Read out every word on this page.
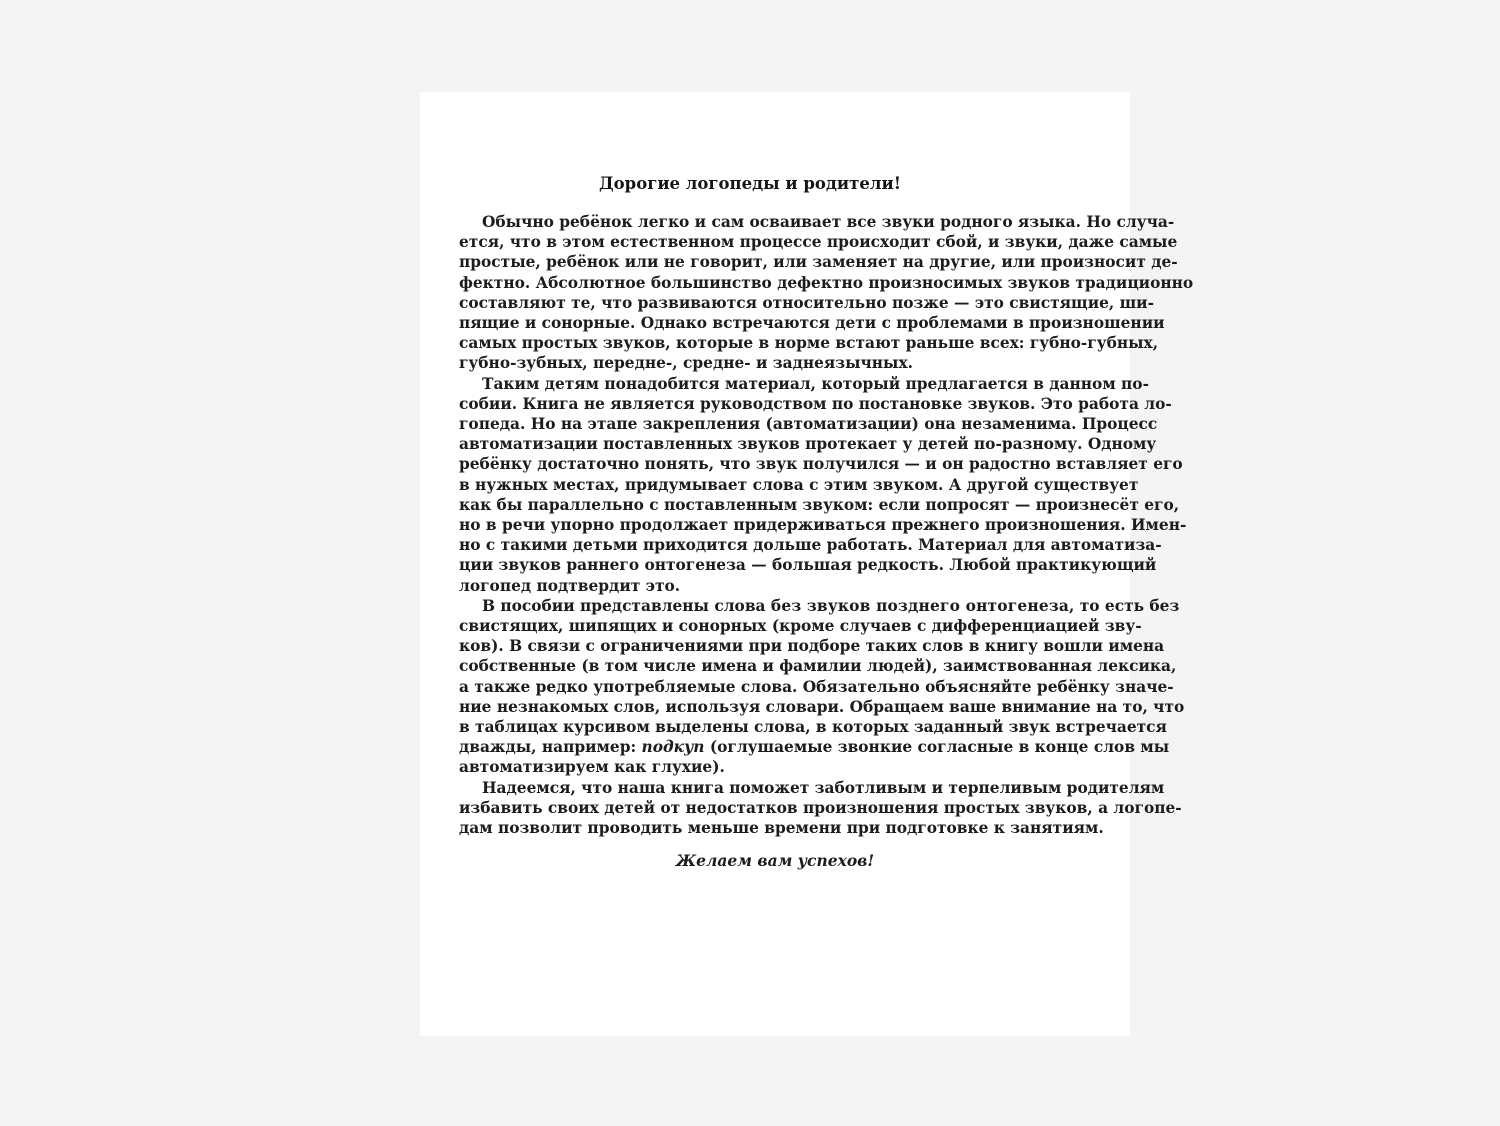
Дорогие логопеды и родители!

Обычно ребёнок легко и сам осваивает все звуки родного языка. Но случа-
ется, что в этом естественном процессе происходит сбой, и звуки, даже самые
простые, ребёнок или не говорит, или заменяет на другие, или произносит де-
фектно. Абсолютное большинство дефектно произносимых звуков традиционно
составляют те, что развиваются относительно позже — это свистящие, ши-
пящие и сонорные. Однако встречаются дети с проблемами в произношении
самых простых звуков, которые в норме встают раньше всех: губно-губных,
губно-зубных, передне-, средне- и заднеязычных.

Таким детям понадобится материал, который предлагается в данном по-
собии. Книга не является руководством по постановке звуков. Это работа ло-
гопеда. Но на этапе закрепления (автоматизации) она незаменима. Процесс
автоматизации поставленных звуков протекает у детей по-разному. Одному
ребёнку достаточно понять, что звук получился — и он радостно вставляет его
в нужных местах, придумывает слова с этим звуком. А другой существует
как бы параллельно с поставленным звуком: если попросят — произнесёт его,
но в речи упорно продолжает придерживаться прежнего произношения. Имен-
но с такими детьми приходится дольше работать. Материал для автоматиза-
ции звуков раннего онтогенеза — большая редкость. Любой практикующий
логопед подтвердит это.

В пособии представлены слова без звуков позднего онтогенеза, то есть без
свистящих, шипящих и сонорных (кроме случаев с дифференциацией зву-
ков). В связи с ограничениями при подборе таких слов в книгу вошли имена
собственные (в том числе имена и фамилии людей), заимствованная лексика,
а также редко употребляемые слова. Обязательно объясняйте ребёнку значе-
ние незнакомых слов, используя словари. Обращаем ваше внимание на то, что
в таблицах курсивом выделены слова, в которых заданный звук встречается
дважды, например: подкуп (оглушаемые звонкие согласные в конце слов мы
автоматизируем как глухие).

Надеемся, что наша книга поможет заботливым и терпеливым родителям
избавить своих детей от недостатков произношения простых звуков, а логопе-
дам позволит проводить меньше времени при подготовке к занятиям.

Желаем вам успехов!
